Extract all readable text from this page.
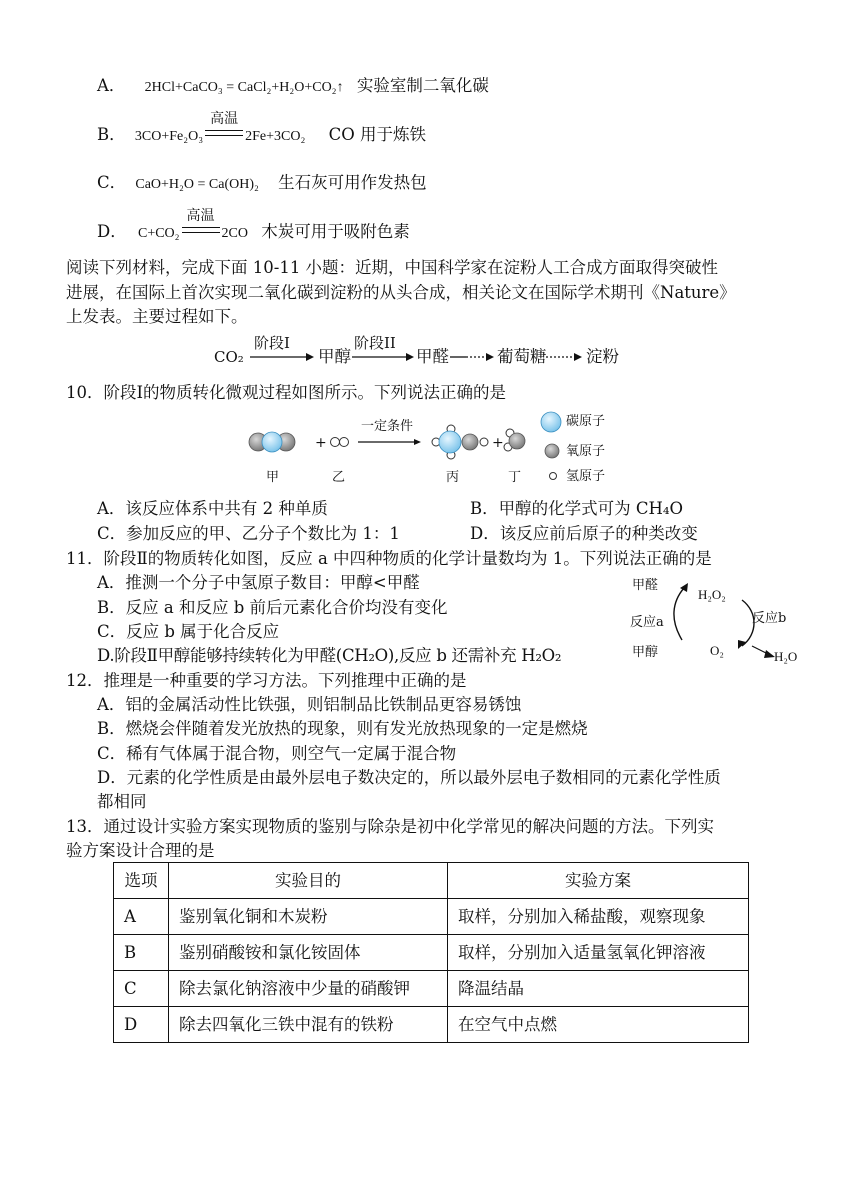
A． 2HCl+CaCO₃ = CaCl₂+H₂O+CO₂↑ 实验室制二氧化碳
B． 3CO+Fe₂O₃
高温
2Fe+3CO₂ CO 用于炼铁
C． CaO+H₂O = Ca(OH)₂ 生石灰可用作发热包
D． C+CO₂
高温
2CO 木炭可用于吸附色素
阅读下列材料，完成下面 10-11 小题：近期，中国科学家在淀粉人工合成方面取得突破性
进展，在国际上首次实现二氧化碳到淀粉的从头合成，相关论文在国际学术期刊《Nature》
上发表。主要过程如下。
CO₂
阶段I
甲醇
阶段II
甲醛	葡萄糖 淀粉
10．阶段Ⅰ的物质转化微观过程如图所示。下列说法正确的是
+
一定条件
+
甲	乙	丙	丁
碳原子
氧原子
氢原子
A．该反应体系中共有 2 种单质	B．甲醇的化学式可为 CH₄O
C．参加反应的甲、乙分子个数比为 1：1	D．该反应前后原子的种类改变
11．阶段Ⅱ的物质转化如图，反应 a 中四种物质的化学计量数均为 1。下列说法正确的是
A．推测一个分子中氢原子数目：甲醇<甲醛
B．反应 a 和反应 b 前后元素化合价均没有变化
C．反应 b 属于化合反应
D.阶段Ⅱ甲醇能够持续转化为甲醛(CH₂O),反应 b 还需补充 H₂O₂
甲醛
H₂O₂
反应a	反应b
甲醇	O₂	H₂O
12．推理是一种重要的学习方法。下列推理中正确的是
A．铝的金属活动性比铁强，则铝制品比铁制品更容易锈蚀
B．燃烧会伴随着发光放热的现象，则有发光放热现象的一定是燃烧
C．稀有气体属于混合物，则空气一定属于混合物
D．元素的化学性质是由最外层电子数决定的，所以最外层电子数相同的元素化学性质
都相同
13．通过设计实验方案实现物质的鉴别与除杂是初中化学常见的解决问题的方法。下列实
验方案设计合理的是
选项	实验目的	实验方案
A	鉴别氧化铜和木炭粉	取样，分别加入稀盐酸，观察现象
B	鉴别硝酸铵和氯化铵固体	取样，分别加入适量氢氧化钾溶液
C	除去氯化钠溶液中少量的硝酸钾	降温结晶
D	除去四氧化三铁中混有的铁粉	在空气中点燃
